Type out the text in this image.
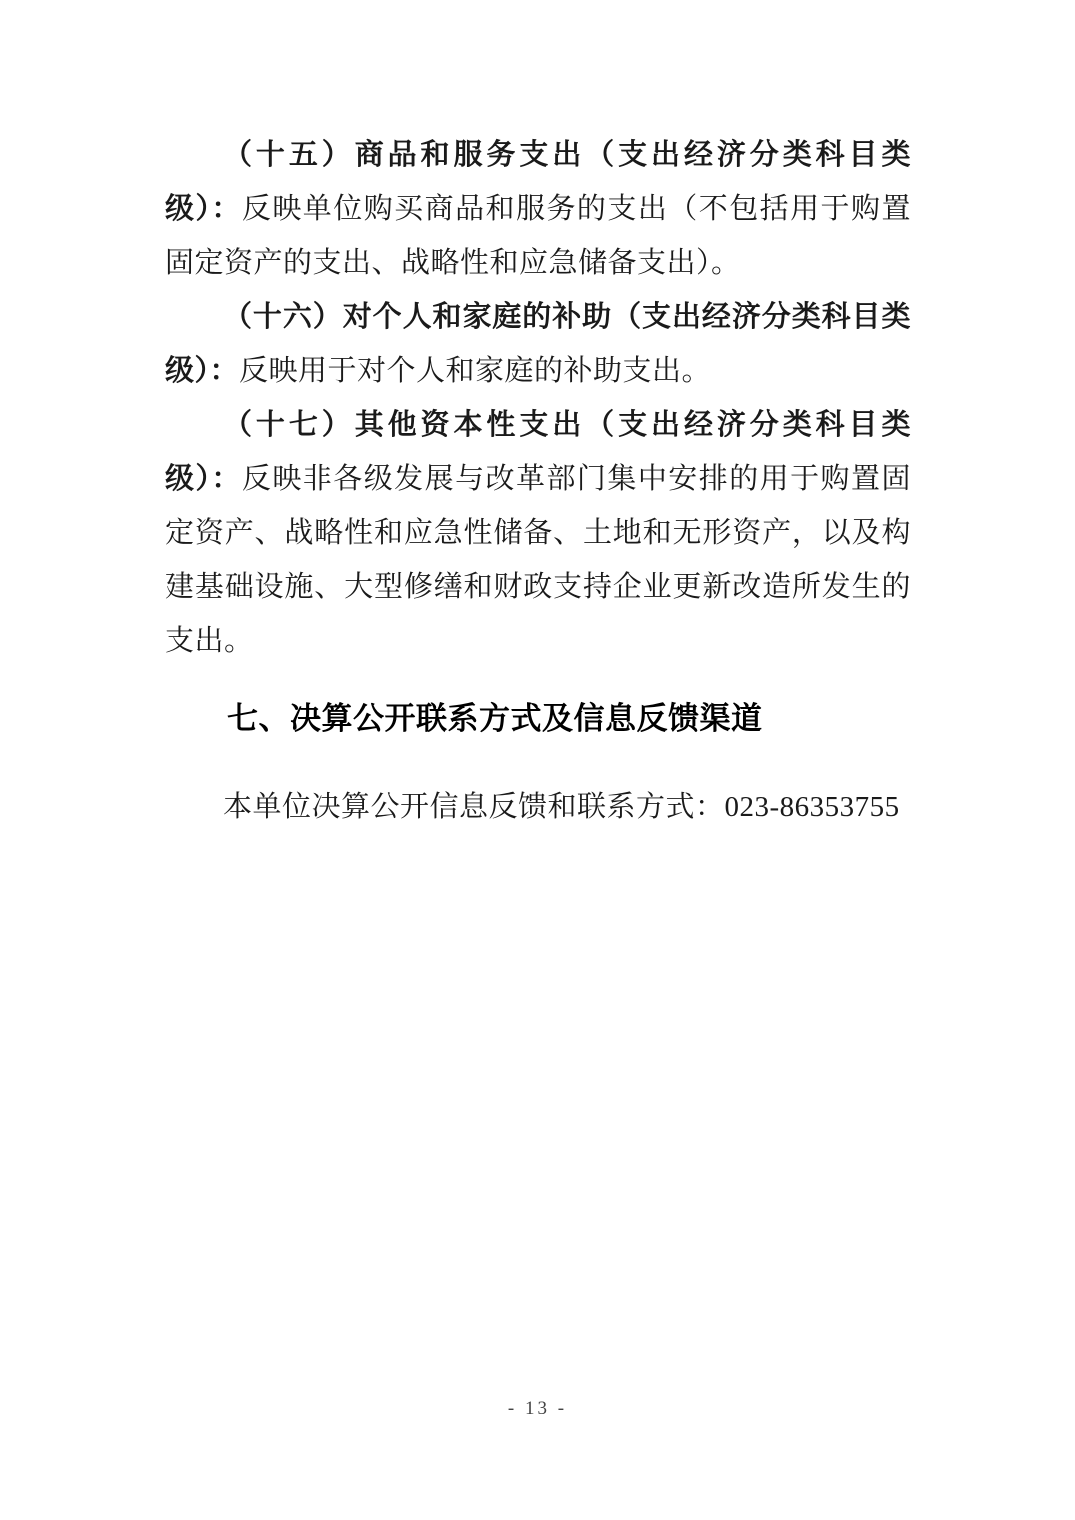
（十五）商品和服务支出（支出经济分类科目类级）：反映单位购买商品和服务的支出（不包括用于购置固定资产的支出、战略性和应急储备支出）。

（十六）对个人和家庭的补助（支出经济分类科目类级）：反映用于对个人和家庭的补助支出。

（十七）其他资本性支出（支出经济分类科目类级）：反映非各级发展与改革部门集中安排的用于购置固定资产、战略性和应急性储备、土地和无形资产，以及构建基础设施、大型修缮和财政支持企业更新改造所发生的支出。

七、决算公开联系方式及信息反馈渠道

本单位决算公开信息反馈和联系方式：023-86353755

- 13 -
